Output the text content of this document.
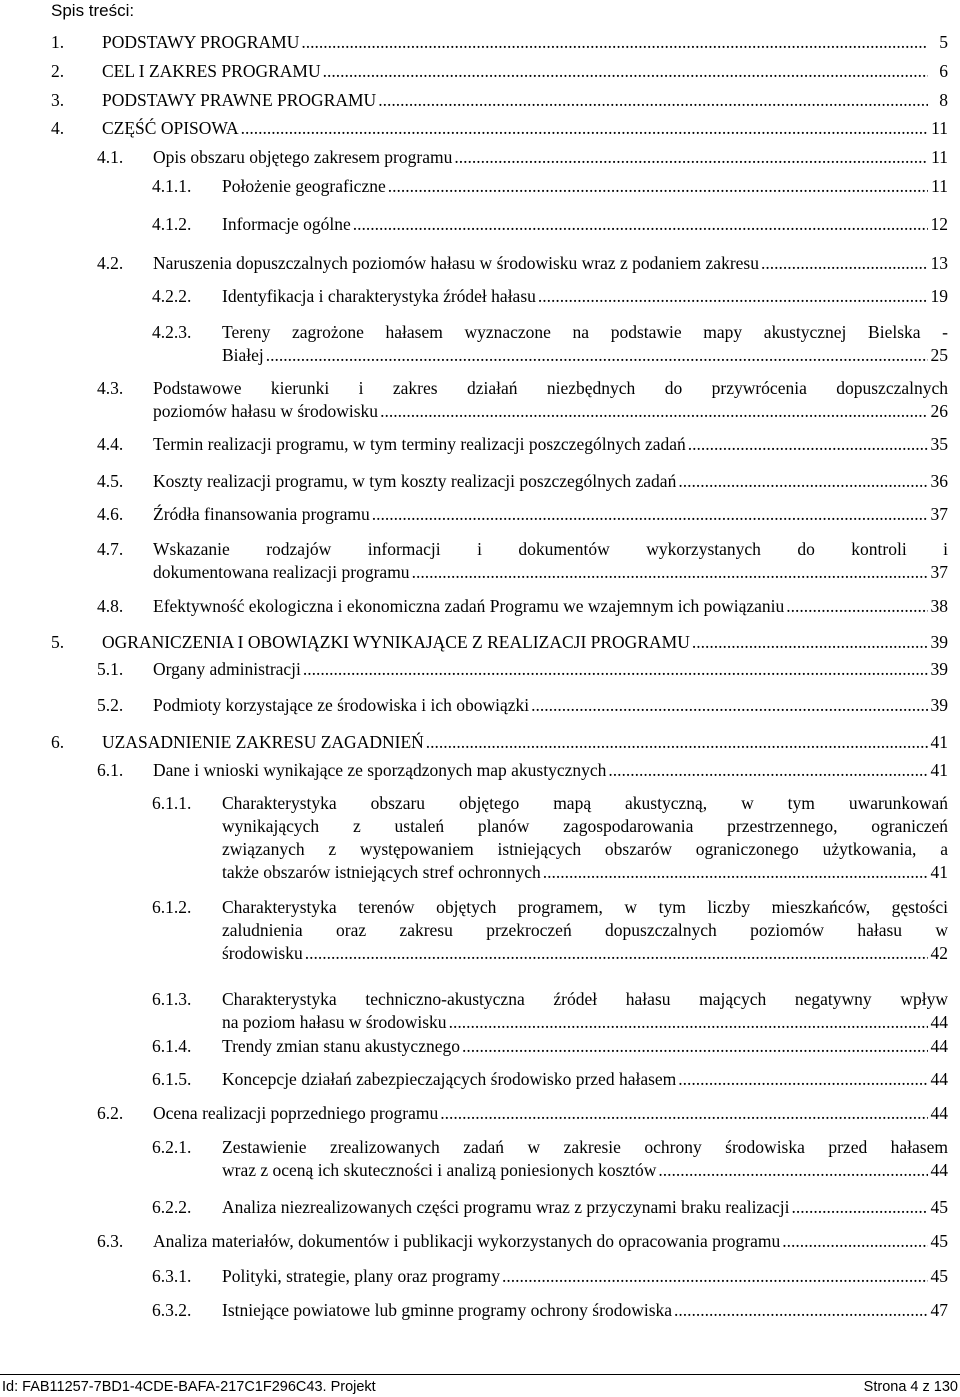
Spis treści:
1. PODSTAWY PROGRAMU .....	5
2. CEL I ZAKRES PROGRAMU .....	6
3. PODSTAWY PRAWNE PROGRAMU .....	8
4. CZĘŚĆ OPISOWA .....	11
4.1. Opis obszaru objętego zakresem programu .....	11
4.1.1. Położenie geograficzne .....	11
4.1.2. Informacje ogólne .....	12
4.2. Naruszenia dopuszczalnych poziomów hałasu w środowisku wraz z podaniem zakresu .....	13
4.2.2. Identyfikacja i charakterystyka źródeł hałasu .....	19
4.2.3. Tereny zagrożone hałasem wyznaczone na podstawie mapy akustycznej Bielska -
Białej .....	25
4.3. Podstawowe kierunki i zakres działań niezbędnych do przywrócenia dopuszczalnych
poziomów hałasu w środowisku .....	26
4.4. Termin realizacji programu, w tym terminy realizacji poszczególnych zadań .....	35
4.5. Koszty realizacji programu, w tym koszty realizacji poszczególnych zadań .....	36
4.6. Źródła finansowania programu .....	37
4.7. Wskazanie rodzajów informacji i dokumentów wykorzystanych do kontroli i
dokumentowana realizacji programu .....	37
4.8. Efektywność ekologiczna i ekonomiczna zadań Programu we wzajemnym ich powiązaniu .....	38
5. OGRANICZENIA I OBOWIĄZKI WYNIKAJĄCE Z REALIZACJI PROGRAMU .....	39
5.1. Organy administracji .....	39
5.2. Podmioty korzystające ze środowiska i ich obowiązki .....	39
6. UZASADNIENIE ZAKRESU ZAGADNIEŃ .....	41
6.1. Dane i wnioski wynikające ze sporządzonych map akustycznych .....	41
6.1.1. Charakterystyka obszaru objętego mapą akustyczną, w tym uwarunkowań
wynikających z ustaleń planów zagospodarowania przestrzennego, ograniczeń
związanych z występowaniem istniejących obszarów ograniczonego użytkowania, a
także obszarów istniejących stref ochronnych .....	41
6.1.2. Charakterystyka terenów objętych programem, w tym liczby mieszkańców, gęstości
zaludnienia oraz zakresu przekroczeń dopuszczalnych poziomów hałasu w
środowisku .....	42
6.1.3. Charakterystyka techniczno-akustyczna źródeł hałasu mających negatywny wpływ
na poziom hałasu w środowisku .....	44
6.1.4. Trendy zmian stanu akustycznego .....	44
6.1.5. Koncepcje działań zabezpieczających środowisko przed hałasem .....	44
6.2. Ocena realizacji poprzedniego programu .....	44
6.2.1. Zestawienie zrealizowanych zadań w zakresie ochrony środowiska przed hałasem
wraz z oceną ich skuteczności i analizą poniesionych kosztów .....	44
6.2.2. Analiza niezrealizowanych części programu wraz z przyczynami braku realizacji .....	45
6.3. Analiza materiałów, dokumentów i publikacji wykorzystanych do opracowania programu .....	45
6.3.1. Polityki, strategie, plany oraz programy .....	45
6.3.2. Istniejące powiatowe lub gminne programy ochrony środowiska .....	47
Id: FAB11257-7BD1-4CDE-BAFA-217C1F296C43. Projekt	Strona 4 z 130
